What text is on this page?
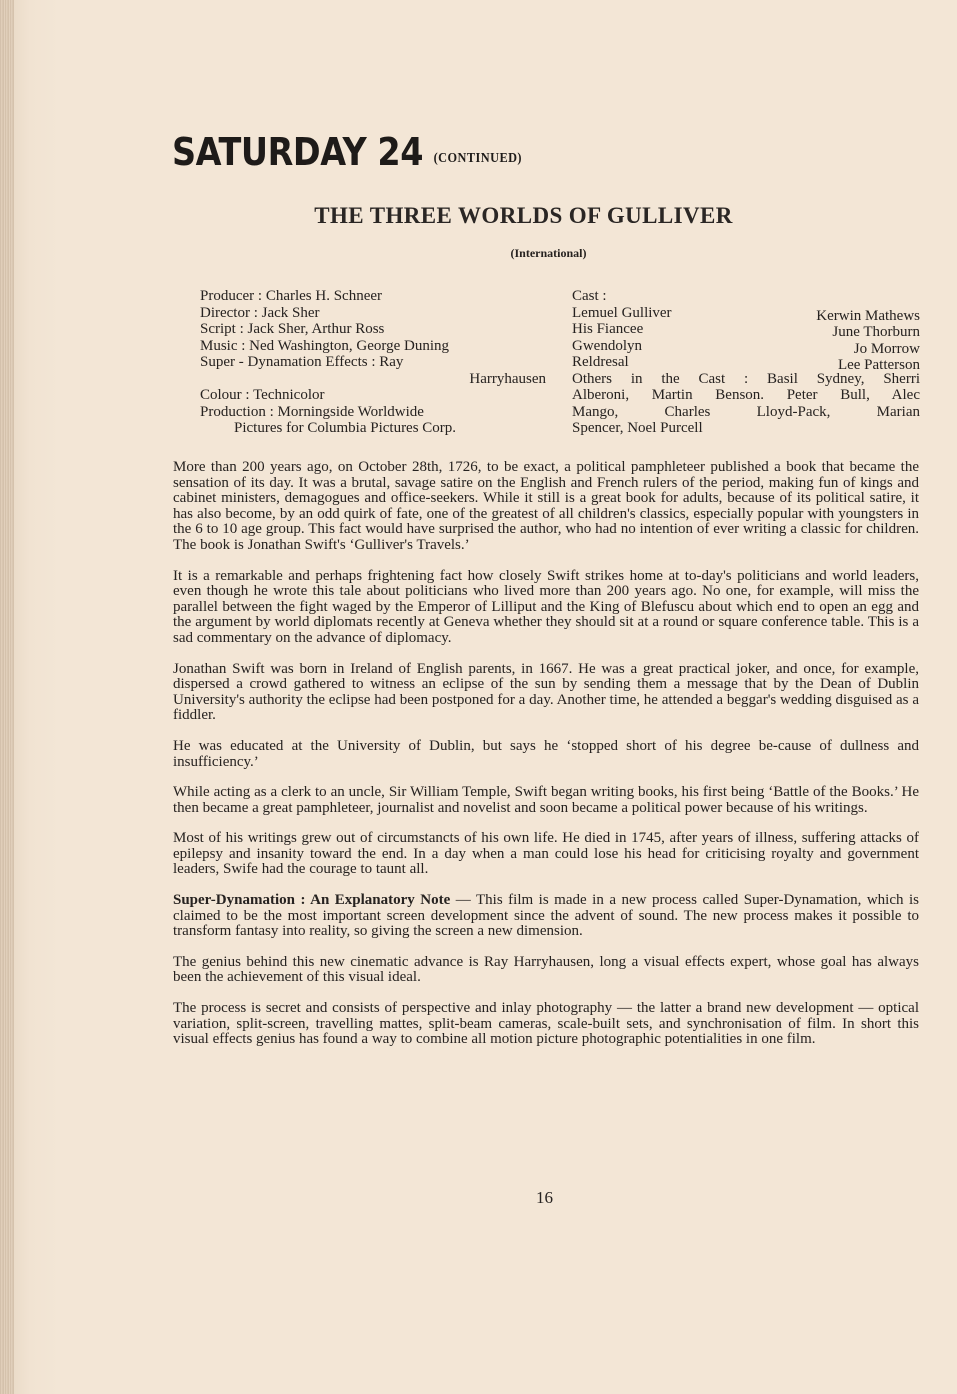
SATURDAY 24 (CONTINUED)
THE THREE WORLDS OF GULLIVER
(International)
Producer : Charles H. Schneer
Director : Jack Sher
Script : Jack Sher, Arthur Ross
Music : Ned Washington, George Duning
Super - Dynamation Effects : Ray
Harryhausen
Colour : Technicolor
Production : Morningside Worldwide
Pictures for Columbia Pictures Corp.
Cast :
Lemuel Gulliver	Kerwin Mathews
His Fiancee	June Thorburn
Gwendolyn	Jo Morrow
Reldresal	Lee Patterson
Others in the Cast : Basil Sydney, Sherri
Alberoni, Martin Benson. Peter Bull, Alec
Mango, Charles Lloyd-Pack, Marian
Spencer, Noel Purcell

More than 200 years ago, on October 28th, 1726, to be exact, a political pamphleteer published a book that became the sensation of its day. It was a brutal, savage satire on the English and French rulers of the period, making fun of kings and cabinet ministers, demagogues and office-seekers. While it still is a great book for adults, because of its political satire, it has also become, by an odd quirk of fate, one of the greatest of all children's classics, especially popular with youngsters in the 6 to 10 age group. This fact would have surprised the author, who had no intention of ever writing a classic for children. The book is Jonathan Swift's ‘Gulliver's Travels.’

It is a remarkable and perhaps frightening fact how closely Swift strikes home at to-day's politicians and world leaders, even though he wrote this tale about politicians who lived more than 200 years ago. No one, for example, will miss the parallel between the fight waged by the Emperor of Lilliput and the King of Blefuscu about which end to open an egg and the argument by world diplomats recently at Geneva whether they should sit at a round or square conference table. This is a sad commentary on the advance of diplomacy.

Jonathan Swift was born in Ireland of English parents, in 1667. He was a great practical joker, and once, for example, dispersed a crowd gathered to witness an eclipse of the sun by sending them a message that by the Dean of Dublin University's authority the eclipse had been postponed for a day. Another time, he attended a beggar's wedding disguised as a fiddler.

He was educated at the University of Dublin, but says he ‘stopped short of his degree be-cause of dullness and insufficiency.’

While acting as a clerk to an uncle, Sir William Temple, Swift began writing books, his first being ‘Battle of the Books.’ He then became a great pamphleteer, journalist and novelist and soon became a political power because of his writings.

Most of his writings grew out of circumstancts of his own life. He died in 1745, after years of illness, suffering attacks of epilepsy and insanity toward the end. In a day when a man could lose his head for criticising royalty and government leaders, Swife had the courage to taunt all.

Super-Dynamation : An Explanatory Note — This film is made in a new process called Super-Dynamation, which is claimed to be the most important screen development since the advent of sound. The new process makes it possible to transform fantasy into reality, so giving the screen a new dimension.

The genius behind this new cinematic advance is Ray Harryhausen, long a visual effects expert, whose goal has always been the achievement of this visual ideal.

The process is secret and consists of perspective and inlay photography — the latter a brand new development — optical variation, split-screen, travelling mattes, split-beam cameras, scale-built sets, and synchronisation of film. In short this visual effects genius has found a way to combine all motion picture photographic potentialities in one film.

16
